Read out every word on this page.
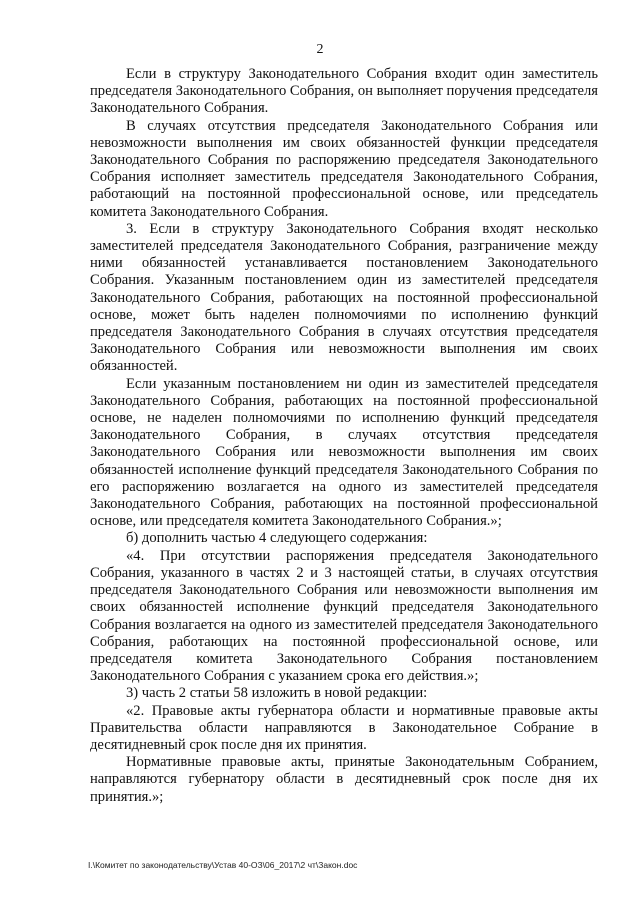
2

Если в структуру Законодательного Собрания входит один заместитель председателя Законодательного Собрания, он выполняет поручения председателя Законодательного Собрания.

В случаях отсутствия председателя Законодательного Собрания или невозможности выполнения им своих обязанностей функции председателя Законодательного Собрания по распоряжению председателя Законодательного Собрания исполняет заместитель председателя Законодательного Собрания, работающий на постоянной профессиональной основе, или председатель комитета Законодательного Собрания.

3. Если в структуру Законодательного Собрания входят несколько заместителей председателя Законодательного Собрания, разграничение между ними обязанностей устанавливается постановлением Законодательного Собрания. Указанным постановлением один из заместителей председателя Законодательного Собрания, работающих на постоянной профессиональной основе, может быть наделен полномочиями по исполнению функций председателя Законодательного Собрания в случаях отсутствия председателя Законодательного Собрания или невозможности выполнения им своих обязанностей.

Если указанным постановлением ни один из заместителей председателя Законодательного Собрания, работающих на постоянной профессиональной основе, не наделен полномочиями по исполнению функций председателя Законодательного Собрания, в случаях отсутствия председателя Законодательного Собрания или невозможности выполнения им своих обязанностей исполнение функций председателя Законодательного Собрания по его распоряжению возлагается на одного из заместителей председателя Законодательного Собрания, работающих на постоянной профессиональной основе, или председателя комитета Законодательного Собрания.»;

б) дополнить частью 4 следующего содержания:

«4. При отсутствии распоряжения председателя Законодательного Собрания, указанного в частях 2 и 3 настоящей статьи, в случаях отсутствия председателя Законодательного Собрания или невозможности выполнения им своих обязанностей исполнение функций председателя Законодательного Собрания возлагается на одного из заместителей председателя Законодательного Собрания, работающих на постоянной профессиональной основе, или председателя комитета Законодательного Собрания постановлением Законодательного Собрания с указанием срока его действия.»;

3) часть 2 статьи 58 изложить в новой редакции:

«2. Правовые акты губернатора области и нормативные правовые акты Правительства области направляются в Законодательное Собрание в десятидневный срок после дня их принятия.

Нормативные правовые акты, принятые Законодательным Собранием, направляются губернатору области в десятидневный срок после дня их принятия.»;

I.\Комитет по законодательству\Устав 40-ОЗ\06_2017\2 чт\Закон.doc
